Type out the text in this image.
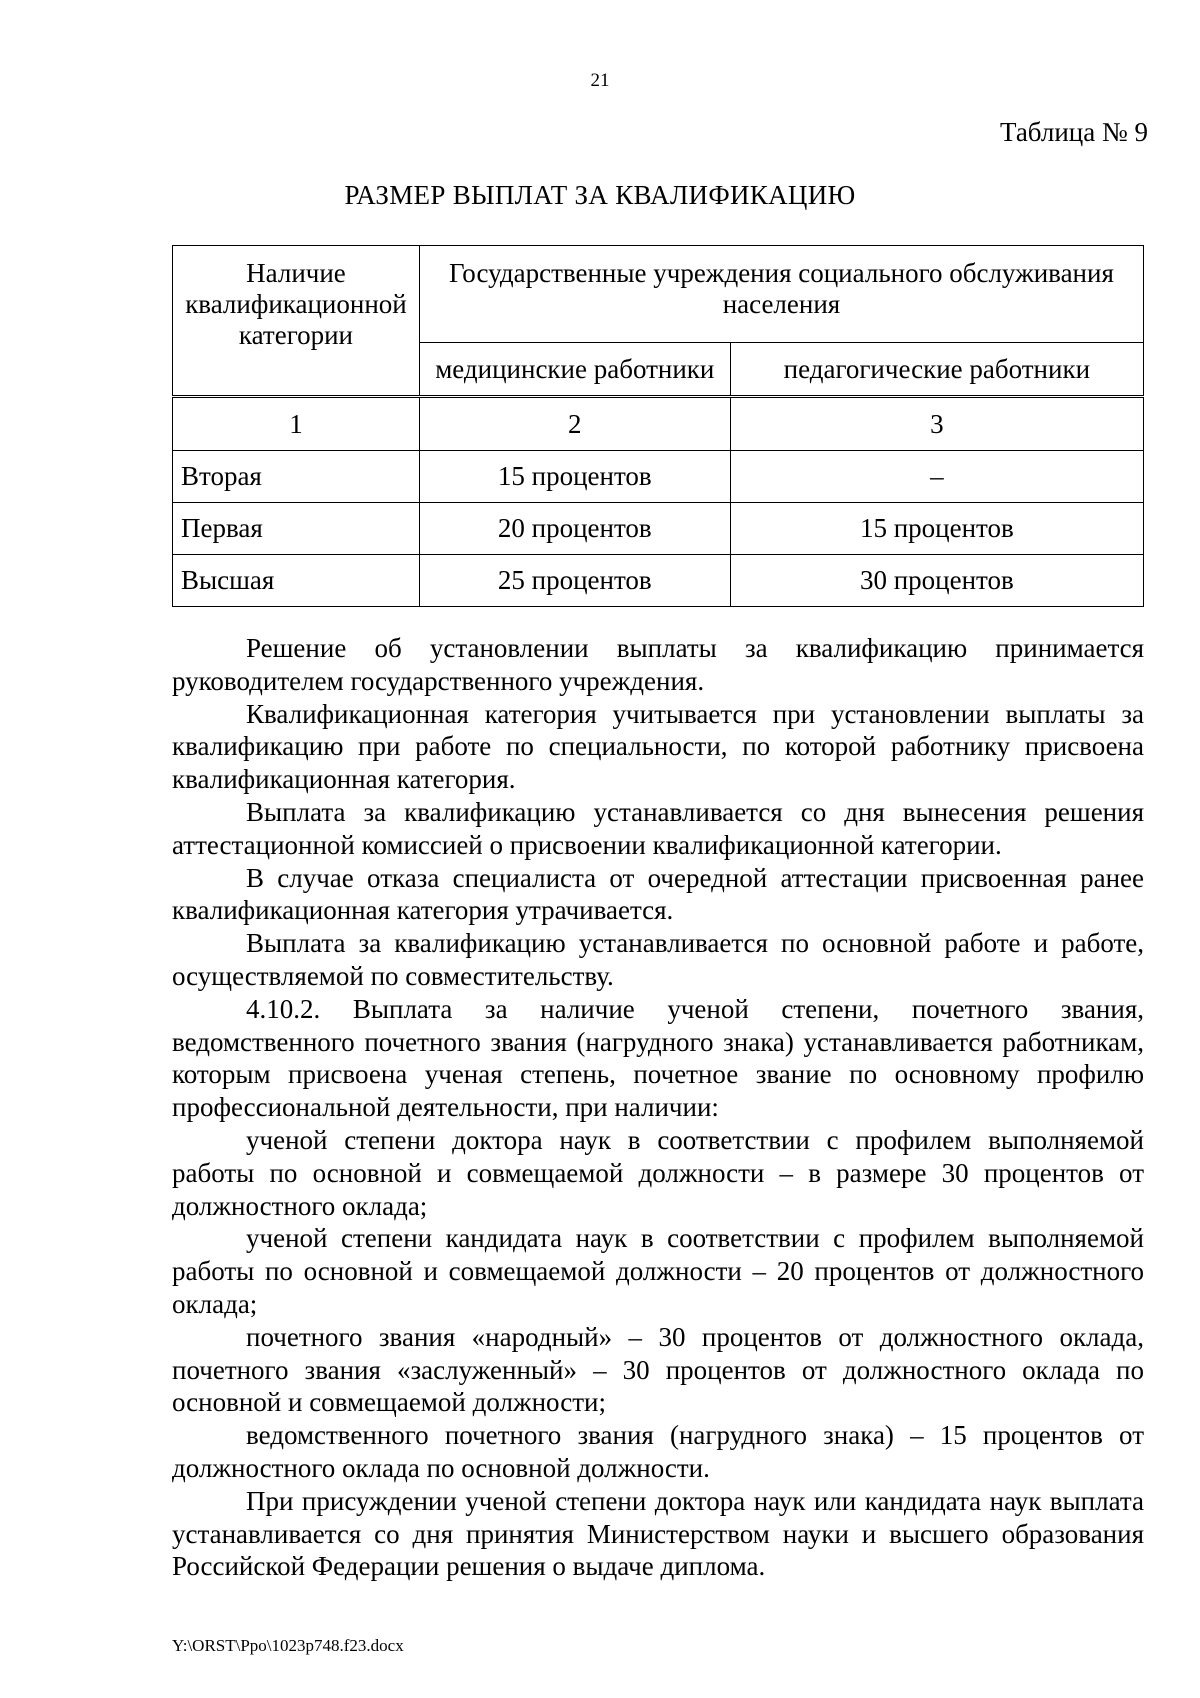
21
Таблица № 9
РАЗМЕР ВЫПЛАТ ЗА КВАЛИФИКАЦИЮ
Наличие квалификационной категории	Государственные учреждения социального обслуживания населения	
	медицинские работники	педагогические работники
1	2	3
Вторая	15 процентов	–
Первая	20 процентов	15 процентов
Высшая	25 процентов	30 процентов

Решение об установлении выплаты за квалификацию принимается руководителем государственного учреждения.

Квалификационная категория учитывается при установлении выплаты за квалификацию при работе по специальности, по которой работнику присвоена квалификационная категория.

Выплата за квалификацию устанавливается со дня вынесения решения аттестационной комиссией о присвоении квалификационной категории.

В случае отказа специалиста от очередной аттестации присвоенная ранее квалификационная категория утрачивается.

Выплата за квалификацию устанавливается по основной работе и работе, осуществляемой по совместительству.

4.10.2. Выплата за наличие ученой степени, почетного звания, ведомственного почетного звания (нагрудного знака) устанавливается работникам, которым присвоена ученая степень, почетное звание по основному профилю профессиональной деятельности, при наличии:

ученой степени доктора наук в соответствии с профилем выполняемой работы по основной и совмещаемой должности – в размере 30 процентов от должностного оклада;

ученой степени кандидата наук в соответствии с профилем выполняемой работы по основной и совмещаемой должности – 20 процентов от должностного оклада;

почетного звания «народный» – 30 процентов от должностного оклада, почетного звания «заслуженный» – 30 процентов от должностного оклада по основной и совмещаемой должности;

ведомственного почетного звания (нагрудного знака) – 15 процентов от должностного оклада по основной должности.

При присуждении ученой степени доктора наук или кандидата наук выплата устанавливается со дня принятия Министерством науки и высшего образования Российской Федерации решения о выдаче диплома.

Y:\ORST\Ppo\1023p748.f23.docx
